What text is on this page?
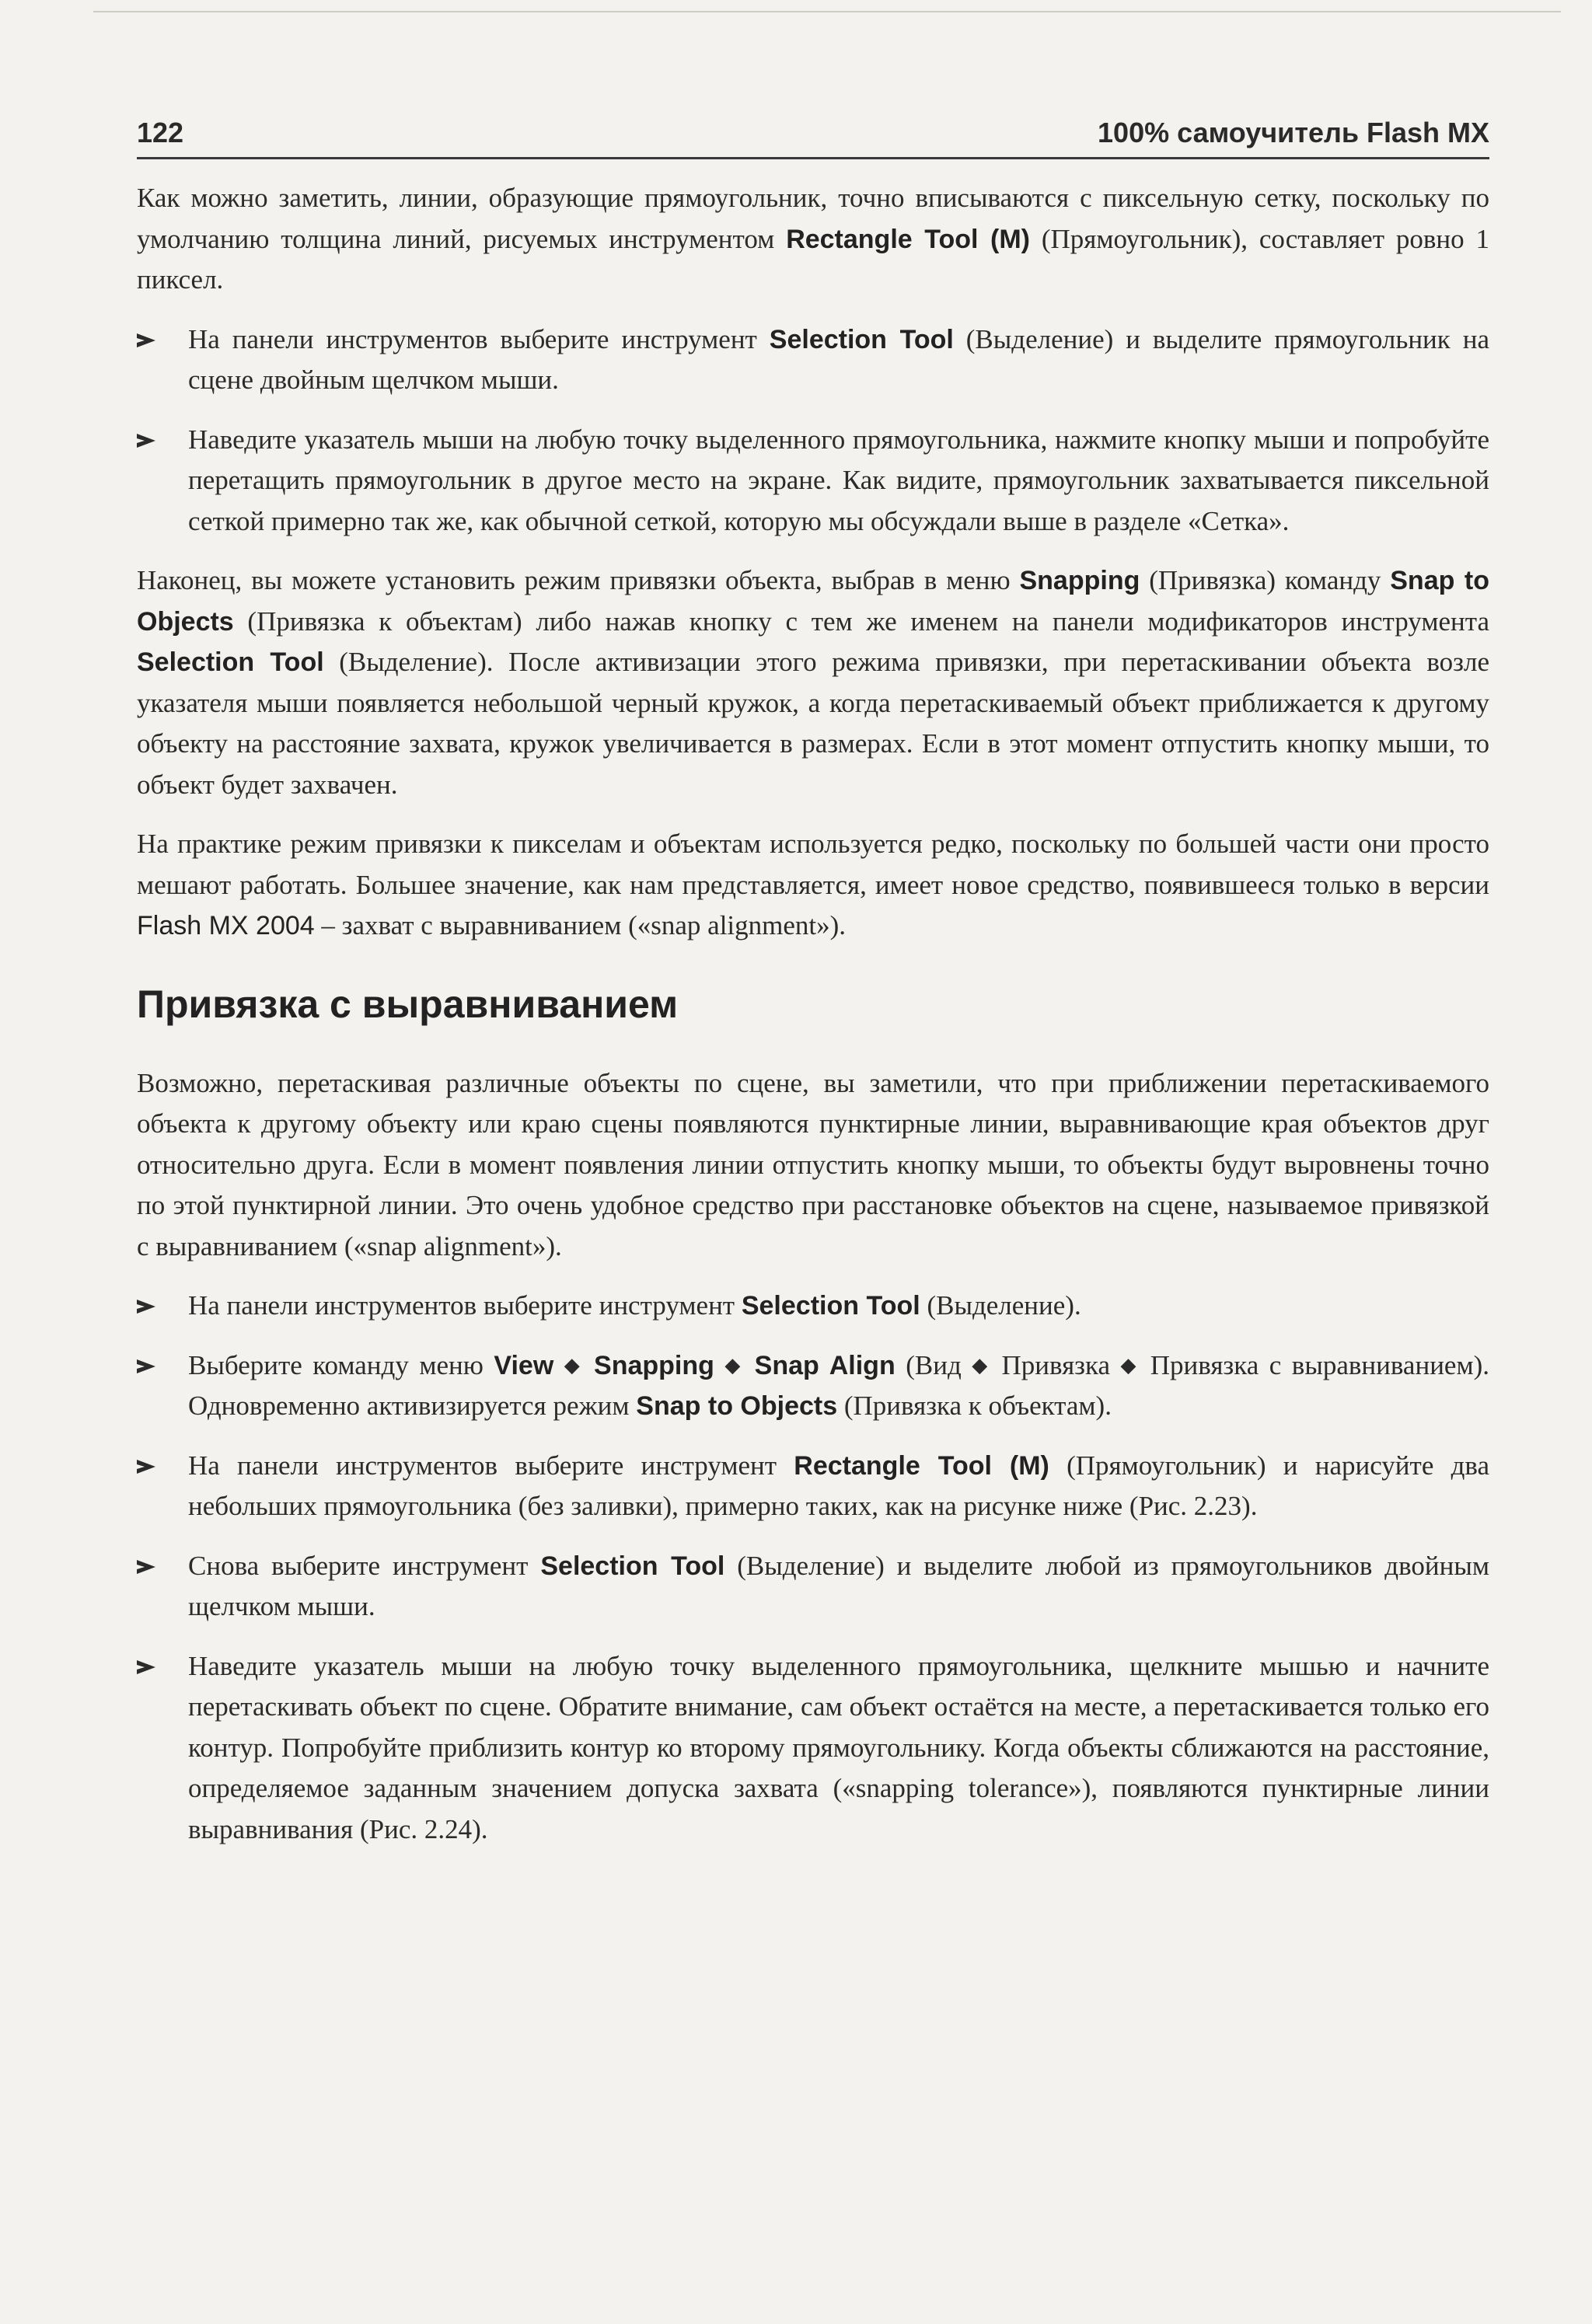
122	100% самоучитель Flash MX

Как можно заметить, линии, образующие прямоугольник, точно вписываются с пиксельную сетку, поскольку по умолчанию толщина линий, рисуемых инструментом Rectangle Tool (M) (Прямоугольник), составляет ровно 1 пиксел.

На панели инструментов выберите инструмент Selection Tool (Выделение) и выделите прямоугольник на сцене двойным щелчком мыши.
Наведите указатель мыши на любую точку выделенного прямоугольника, нажмите кнопку мыши и попробуйте перетащить прямоугольник в другое место на экране. Как видите, прямоугольник захватывается пиксельной сеткой примерно так же, как обычной сеткой, которую мы обсуждали выше в разделе «Сетка».

Наконец, вы можете установить режим привязки объекта, выбрав в меню Snapping (Привязка) команду Snap to Objects (Привязка к объектам) либо нажав кнопку с тем же именем на панели модификаторов инструмента Selection Tool (Выделение). После активизации этого режима привязки, при перетаскивании объекта возле указателя мыши появляется небольшой черный кружок, а когда перетаскиваемый объект приближается к другому объекту на расстояние захвата, кружок увеличивается в размерах. Если в этот момент отпустить кнопку мыши, то объект будет захвачен.

На практике режим привязки к пикселам и объектам используется редко, поскольку по большей части они просто мешают работать. Большее значение, как нам представляется, имеет новое средство, появившееся только в версии Flash MX 2004 – захват с выравниванием («snap alignment»).

Привязка с выравниванием

Возможно, перетаскивая различные объекты по сцене, вы заметили, что при приближении перетаскиваемого объекта к другому объекту или краю сцены появляются пунктирные линии, выравнивающие края объектов друг относительно друга. Если в момент появления линии отпустить кнопку мыши, то объекты будут выровнены точно по этой пунктирной линии. Это очень удобное средство при расстановке объектов на сцене, называемое привязкой с выравниванием («snap alignment»).

На панели инструментов выберите инструмент Selection Tool (Выделение).
Выберите команду меню View ◆ Snapping ◆ Snap Align (Вид ◆ Привязка ◆ Привязка с выравниванием). Одновременно активизируется режим Snap to Objects (Привязка к объектам).
На панели инструментов выберите инструмент Rectangle Tool (M) (Прямоугольник) и нарисуйте два небольших прямоугольника (без заливки), примерно таких, как на рисунке ниже (Рис. 2.23).
Снова выберите инструмент Selection Tool (Выделение) и выделите любой из прямоугольников двойным щелчком мыши.
Наведите указатель мыши на любую точку выделенного прямоугольника, щелкните мышью и начните перетаскивать объект по сцене. Обратите внимание, сам объект остаётся на месте, а перетаскивается только его контур. Попробуйте приблизить контур ко второму прямоугольнику. Когда объекты сближаются на расстояние, определяемое заданным значением допуска захвата («snapping tolerance»), появляются пунктирные линии выравнивания (Рис. 2.24).
